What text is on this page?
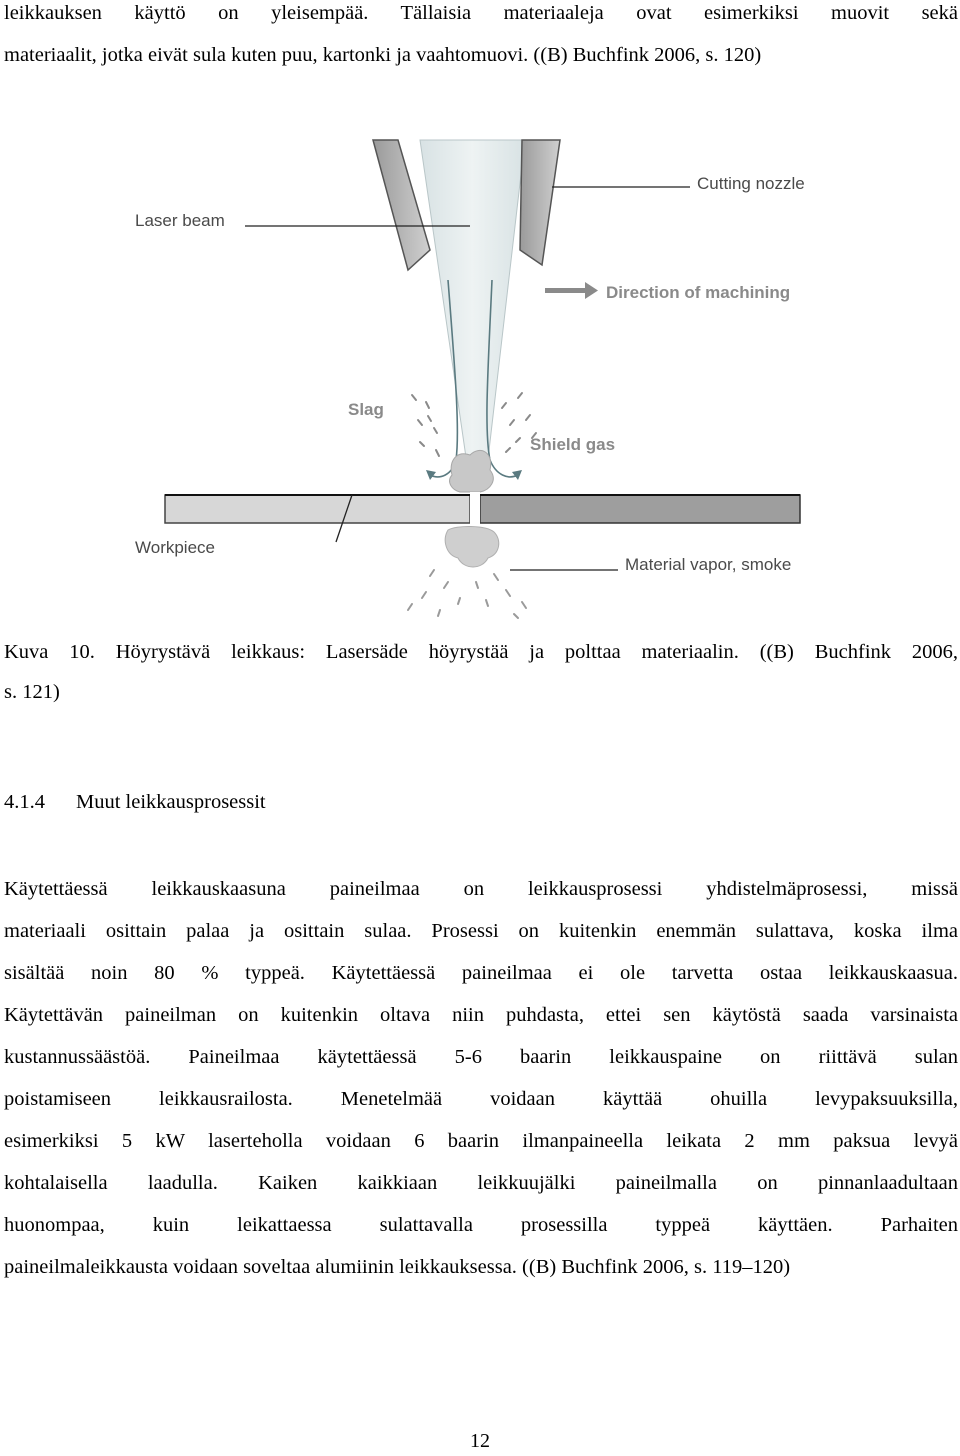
leikkauksen käyttö on yleisempää. Tällaisia materiaaleja ovat esimerkiksi muovit sekä
materiaalit, jotka eivät sula kuten puu, kartonki ja vaahtomuovi. ((B) Buchfink 2006, s. 120)

Cutting nozzle
Laser beam
Direction of machining
Slag
Shield gas
Workpiece
Material vapor, smoke

Kuva 10. Höyrystävä leikkaus: Lasersäde höyrystää ja polttaa materiaalin. ((B) Buchfink 2006,
s. 121)

4.1.4 Muut leikkausprosessit

Käytettäessä leikkauskaasuna paineilmaa on leikkausprosessi yhdistelmäprosessi, missä
materiaali osittain palaa ja osittain sulaa. Prosessi on kuitenkin enemmän sulattava, koska ilma
sisältää noin 80 % typpeä. Käytettäessä paineilmaa ei ole tarvetta ostaa leikkauskaasua.
Käytettävän paineilman on kuitenkin oltava niin puhdasta, ettei sen käytöstä saada varsinaista
kustannussäästöä. Paineilmaa käytettäessä 5-6 baarin leikkauspaine on riittävä sulan
poistamiseen leikkausrailosta. Menetelmää voidaan käyttää ohuilla levypaksuuksilla,
esimerkiksi 5 kW laserteholla voidaan 6 baarin ilmanpaineella leikata 2 mm paksua levyä
kohtalaisella laadulla. Kaiken kaikkiaan leikkuujälki paineilmalla on pinnanlaadultaan
huonompaa, kuin leikattaessa sulattavalla prosessilla typpeä käyttäen. Parhaiten
paineilmaleikkausta voidaan soveltaa alumiinin leikkauksessa. ((B) Buchfink 2006, s. 119–120)

12
